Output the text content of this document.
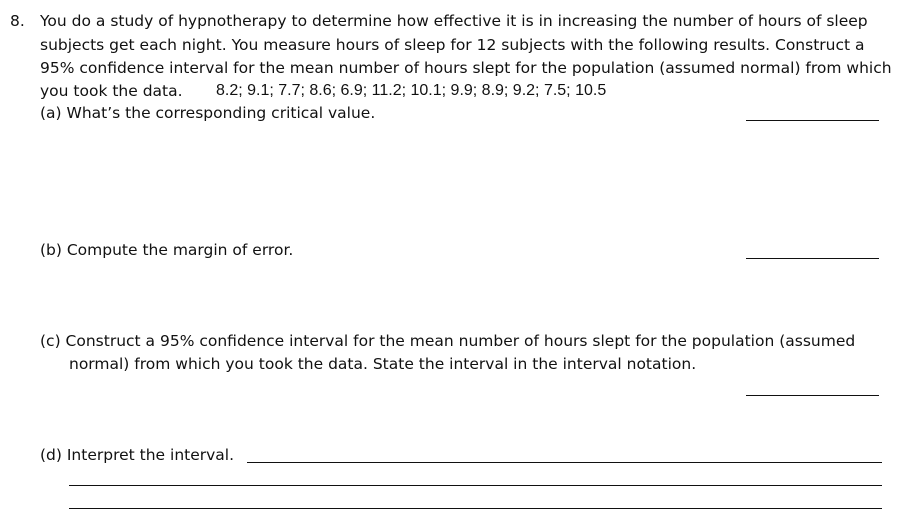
8. You do a study of hypnotherapy to determine how effective it is in increasing the number of hours of sleep
subjects get each night. You measure hours of sleep for 12 subjects with the following results. Construct a
95% confidence interval for the mean number of hours slept for the population (assumed normal) from which
you took the data. 8.2; 9.1; 7.7; 8.6; 6.9; 11.2; 10.1; 9.9; 8.9; 9.2; 7.5; 10.5
(a) What’s the corresponding critical value.
(b) Compute the margin of error.
(c) Construct a 95% confidence interval for the mean number of hours slept for the population (assumed
normal) from which you took the data. State the interval in the interval notation.
(d) Interpret the interval.
